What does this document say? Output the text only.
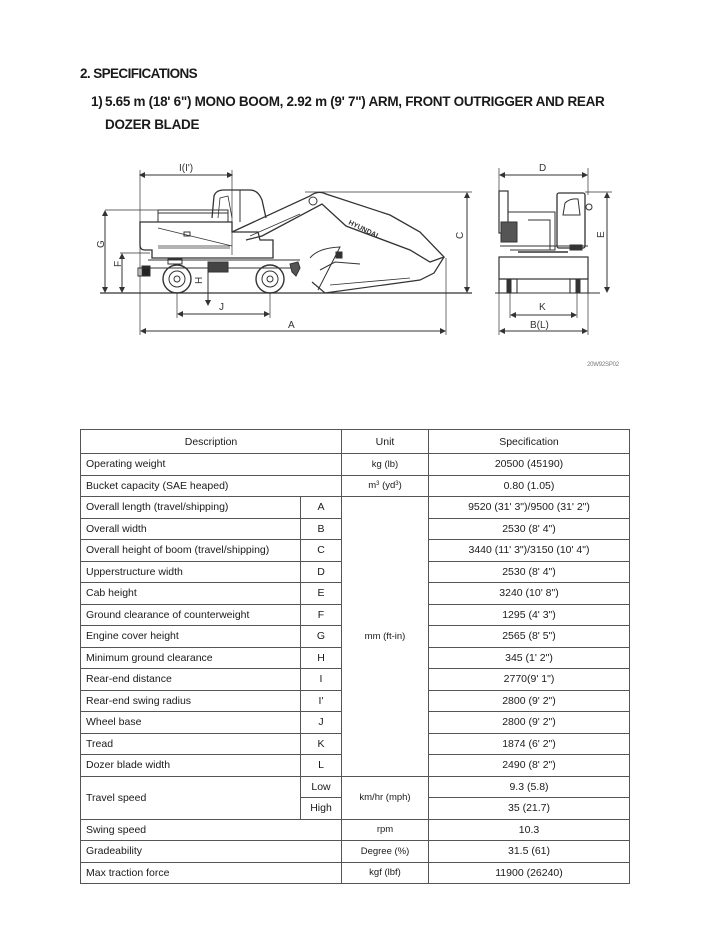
2. SPECIFICATIONS
1) 5.65 m (18' 6") MONO BOOM, 2.92 m (9' 7") ARM, FRONT OUTRIGGER AND REAR
DOZER BLADE
HYUNDAI
I(I')
G
F
H
J
A
C
D
E
K
B(L)
20W92SP02
Description		Unit	Specification
Operating weight		kg (lb)	20500 (45190)
Bucket capacity (SAE heaped)		$m^3$ $(yd^3)$	0.80 (1.05)
Overall length (travel/shipping)	A	mm (ft-in)	9520 (31' 3")/9500 (31' 2")
Overall width	B		2530 (8' 4")
Overall height of boom (travel/shipping)	C		3440 (11' 3")/3150 (10' 4")
Upperstructure width	D		2530 (8' 4")
Cab height	E		3240 (10' 8")
Ground clearance of counterweight	F		1295 (4' 3")
Engine cover height	G		2565 (8' 5")
Minimum ground clearance	H		345 (1' 2")
Rear-end distance	I		2770(9' 1")
Rear-end swing radius	I'		2800 (9' 2")
Wheel base	J		2800 (9' 2")
Tread	K		1874 (6' 2")
Dozer blade width	L		2490 (8' 2")
Travel speed	Low	km/hr (mph)	9.3 (5.8)
	High		35 (21.7)
Swing speed		rpm	10.3
Gradeability		Degree (%)	31.5 (61)
Max traction force		kgf (lbf)	11900 (26240)
